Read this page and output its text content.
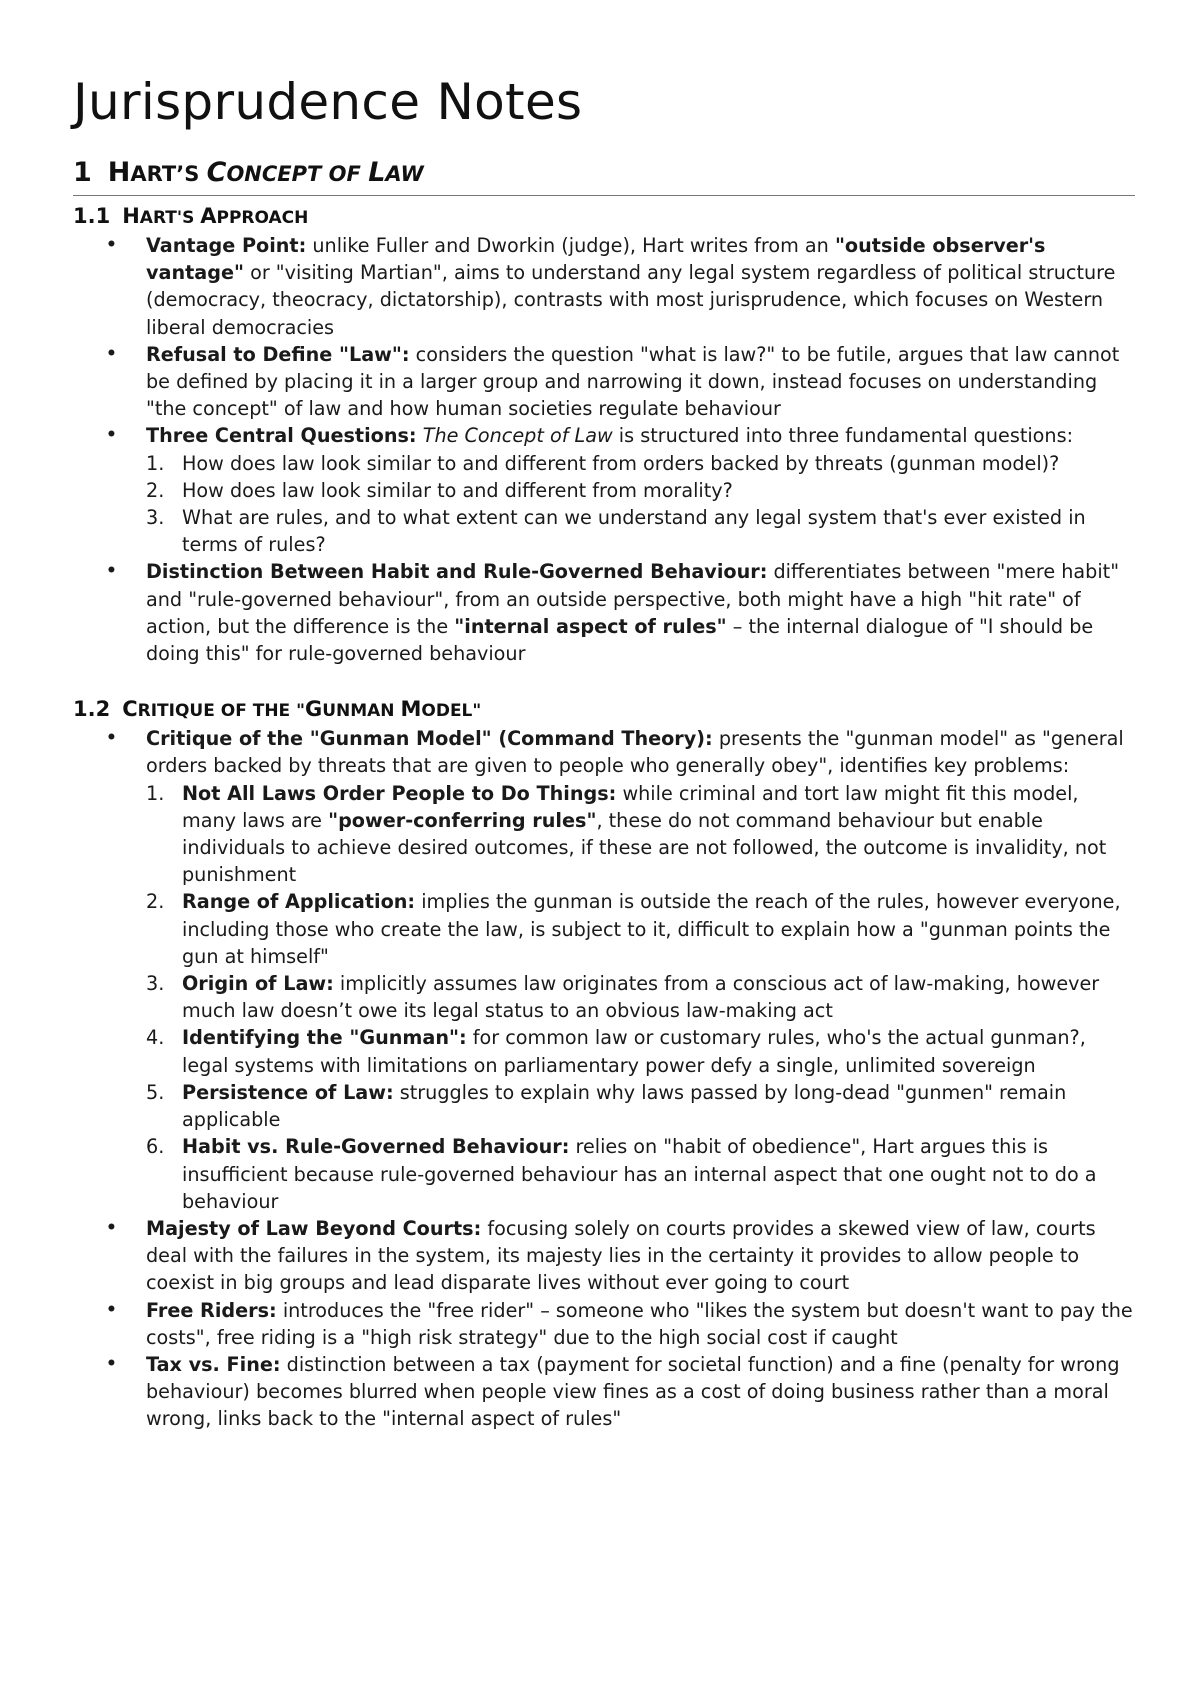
Jurisprudence Notes
1 HART’S CONCEPT OF LAW
1.1 HART'S APPROACH
• Vantage Point: unlike Fuller and Dworkin (judge), Hart writes from an "outside observer's vantage" or "visiting Martian", aims to understand any legal system regardless of political structure (democracy, theocracy, dictatorship), contrasts with most jurisprudence, which focuses on Western liberal democracies
• Refusal to Define "Law": considers the question "what is law?" to be futile, argues that law cannot be defined by placing it in a larger group and narrowing it down, instead focuses on understanding "the concept" of law and how human societies regulate behaviour
• Three Central Questions: The Concept of Law is structured into three fundamental questions:
1. How does law look similar to and different from orders backed by threats (gunman model)?
2. How does law look similar to and different from morality?
3. What are rules, and to what extent can we understand any legal system that's ever existed in terms of rules?
• Distinction Between Habit and Rule-Governed Behaviour: differentiates between "mere habit" and "rule-governed behaviour", from an outside perspective, both might have a high "hit rate" of action, but the difference is the "internal aspect of rules" – the internal dialogue of "I should be doing this" for rule-governed behaviour
1.2 CRITIQUE OF THE "GUNMAN MODEL"
• Critique of the "Gunman Model" (Command Theory): presents the "gunman model" as "general orders backed by threats that are given to people who generally obey", identifies key problems:
1. Not All Laws Order People to Do Things: while criminal and tort law might fit this model, many laws are "power-conferring rules", these do not command behaviour but enable individuals to achieve desired outcomes, if these are not followed, the outcome is invalidity, not punishment
2. Range of Application: implies the gunman is outside the reach of the rules, however everyone, including those who create the law, is subject to it, difficult to explain how a "gunman points the gun at himself"
3. Origin of Law: implicitly assumes law originates from a conscious act of law-making, however much law doesn’t owe its legal status to an obvious law-making act
4. Identifying the "Gunman": for common law or customary rules, who's the actual gunman?, legal systems with limitations on parliamentary power defy a single, unlimited sovereign
5. Persistence of Law: struggles to explain why laws passed by long-dead "gunmen" remain applicable
6. Habit vs. Rule-Governed Behaviour: relies on "habit of obedience", Hart argues this is insufficient because rule-governed behaviour has an internal aspect that one ought not to do a behaviour
• Majesty of Law Beyond Courts: focusing solely on courts provides a skewed view of law, courts deal with the failures in the system, its majesty lies in the certainty it provides to allow people to coexist in big groups and lead disparate lives without ever going to court
• Free Riders: introduces the "free rider" – someone who "likes the system but doesn't want to pay the costs", free riding is a "high risk strategy" due to the high social cost if caught
• Tax vs. Fine: distinction between a tax (payment for societal function) and a fine (penalty for wrong behaviour) becomes blurred when people view fines as a cost of doing business rather than a moral wrong, links back to the "internal aspect of rules"
